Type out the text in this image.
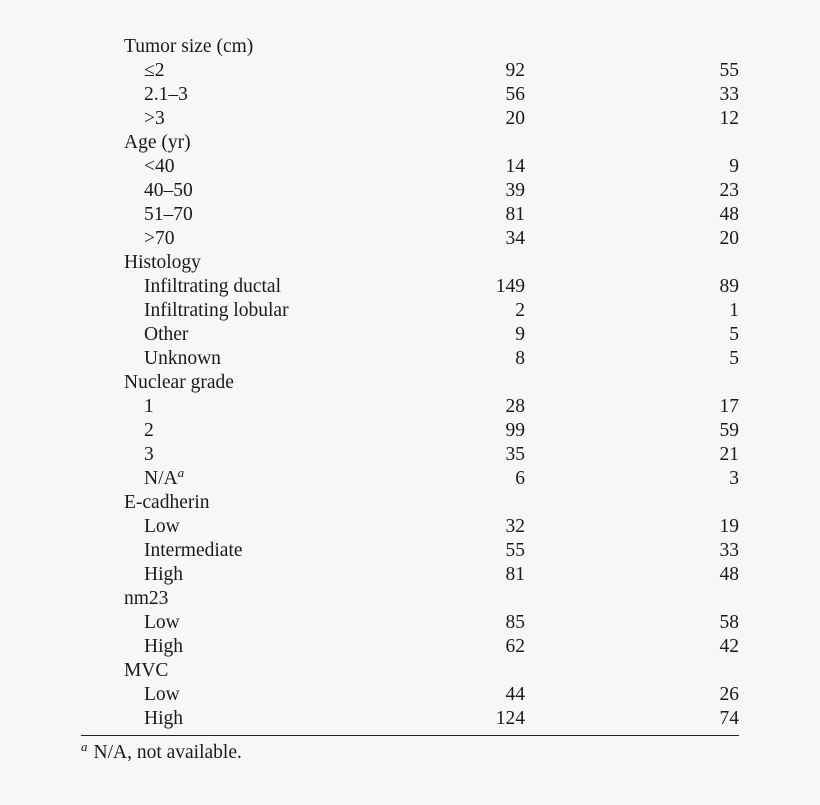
Tumor size (cm)
≤2	92	55
2.1–3	56	33
>3	20	12
Age (yr)
<40	14	9
40–50	39	23
51–70	81	48
>70	34	20
Histology
Infiltrating ductal	149	89
Infiltrating lobular	2	1
Other	9	5
Unknown	8	5
Nuclear grade
1	28	17
2	99	59
3	35	21
$N/A^a$	6	3
E-cadherin
Low	32	19
Intermediate	55	33
High	81	48
nm23
Low	85	58
High	62	42
MVC
Low	44	26
High	124	74
$^a$ N/A, not available.
